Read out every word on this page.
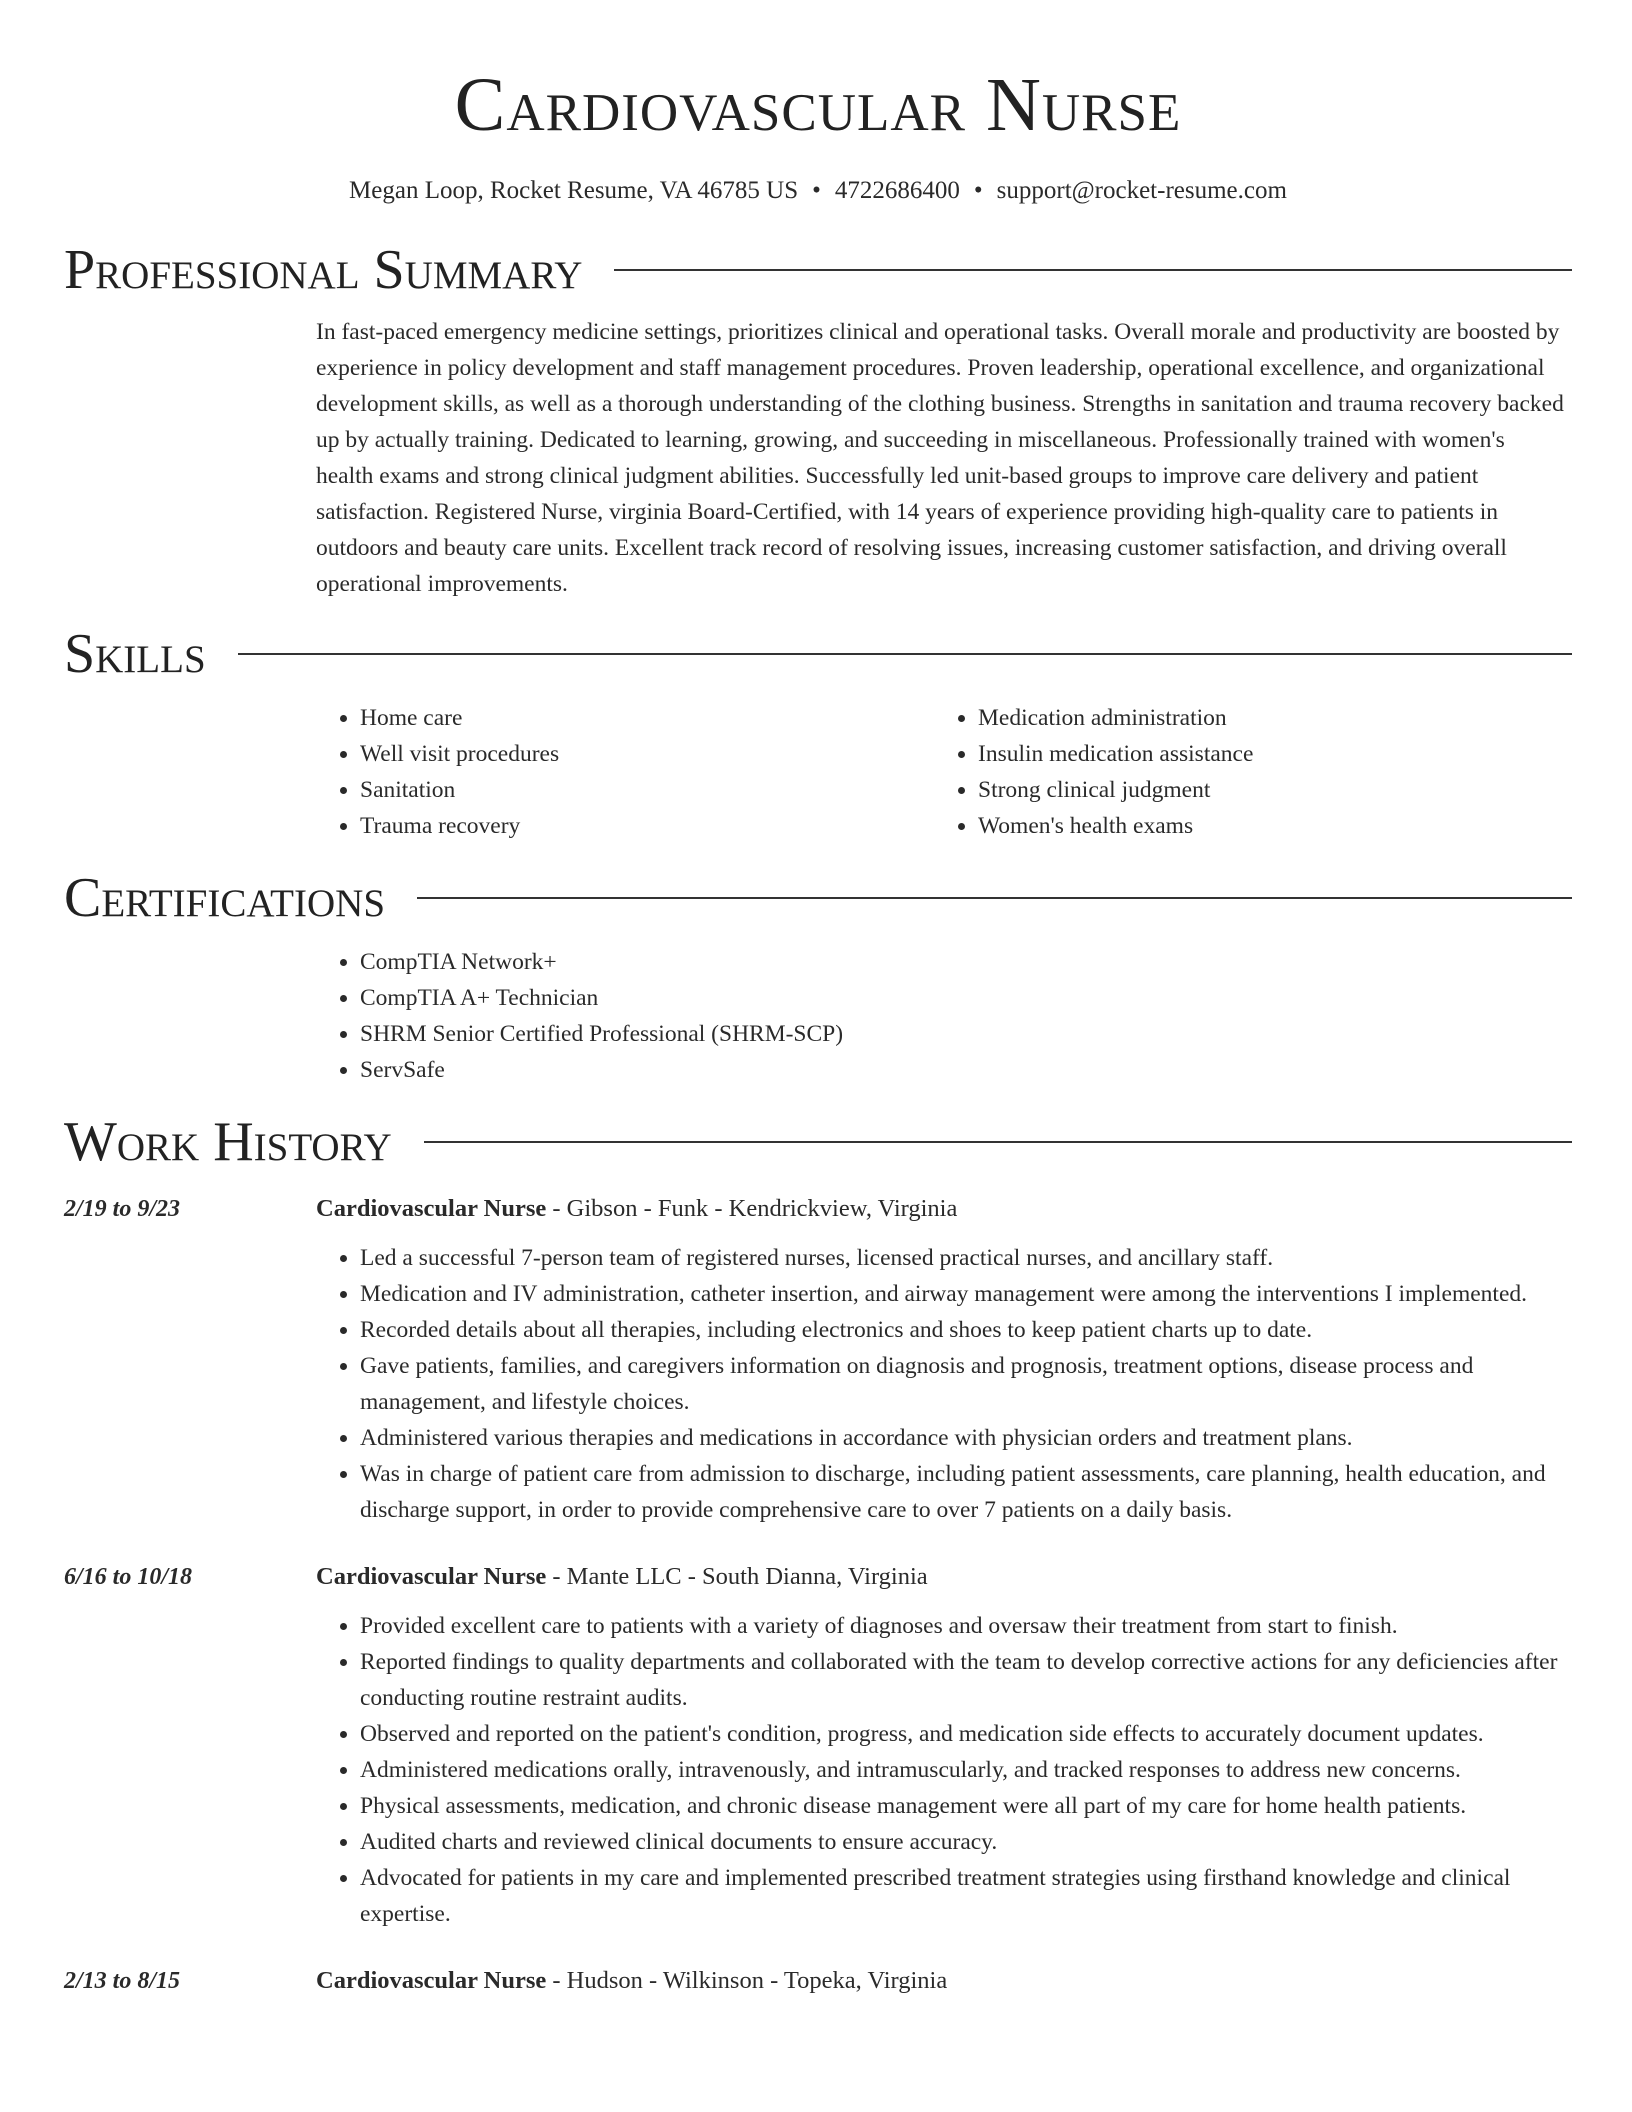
Cardiovascular Nurse
Megan Loop, Rocket Resume, VA 46785 US • 4722686400 • support@rocket-resume.com
Professional Summary
In fast-paced emergency medicine settings, prioritizes clinical and operational tasks. Overall morale and productivity are boosted by experience in policy development and staff management procedures. Proven leadership, operational excellence, and organizational development skills, as well as a thorough understanding of the clothing business. Strengths in sanitation and trauma recovery backed up by actually training. Dedicated to learning, growing, and succeeding in miscellaneous. Professionally trained with women's health exams and strong clinical judgment abilities. Successfully led unit-based groups to improve care delivery and patient satisfaction. Registered Nurse, virginia Board-Certified, with 14 years of experience providing high-quality care to patients in outdoors and beauty care units. Excellent track record of resolving issues, increasing customer satisfaction, and driving overall operational improvements.
Skills
• Home care
• Well visit procedures
• Sanitation
• Trauma recovery
• Medication administration
• Insulin medication assistance
• Strong clinical judgment
• Women's health exams
Certifications
• CompTIA Network+
• CompTIA A+ Technician
• SHRM Senior Certified Professional (SHRM-SCP)
• ServSafe
Work History
2/19 to 9/23	Cardiovascular Nurse - Gibson - Funk - Kendrickview, Virginia
• Led a successful 7-person team of registered nurses, licensed practical nurses, and ancillary staff.
• Medication and IV administration, catheter insertion, and airway management were among the interventions I implemented.
• Recorded details about all therapies, including electronics and shoes to keep patient charts up to date.
• Gave patients, families, and caregivers information on diagnosis and prognosis, treatment options, disease process and management, and lifestyle choices.
• Administered various therapies and medications in accordance with physician orders and treatment plans.
• Was in charge of patient care from admission to discharge, including patient assessments, care planning, health education, and discharge support, in order to provide comprehensive care to over 7 patients on a daily basis.
6/16 to 10/18	Cardiovascular Nurse - Mante LLC - South Dianna, Virginia
• Provided excellent care to patients with a variety of diagnoses and oversaw their treatment from start to finish.
• Reported findings to quality departments and collaborated with the team to develop corrective actions for any deficiencies after conducting routine restraint audits.
• Observed and reported on the patient's condition, progress, and medication side effects to accurately document updates.
• Administered medications orally, intravenously, and intramuscularly, and tracked responses to address new concerns.
• Physical assessments, medication, and chronic disease management were all part of my care for home health patients.
• Audited charts and reviewed clinical documents to ensure accuracy.
• Advocated for patients in my care and implemented prescribed treatment strategies using firsthand knowledge and clinical expertise.
2/13 to 8/15	Cardiovascular Nurse - Hudson - Wilkinson - Topeka, Virginia
